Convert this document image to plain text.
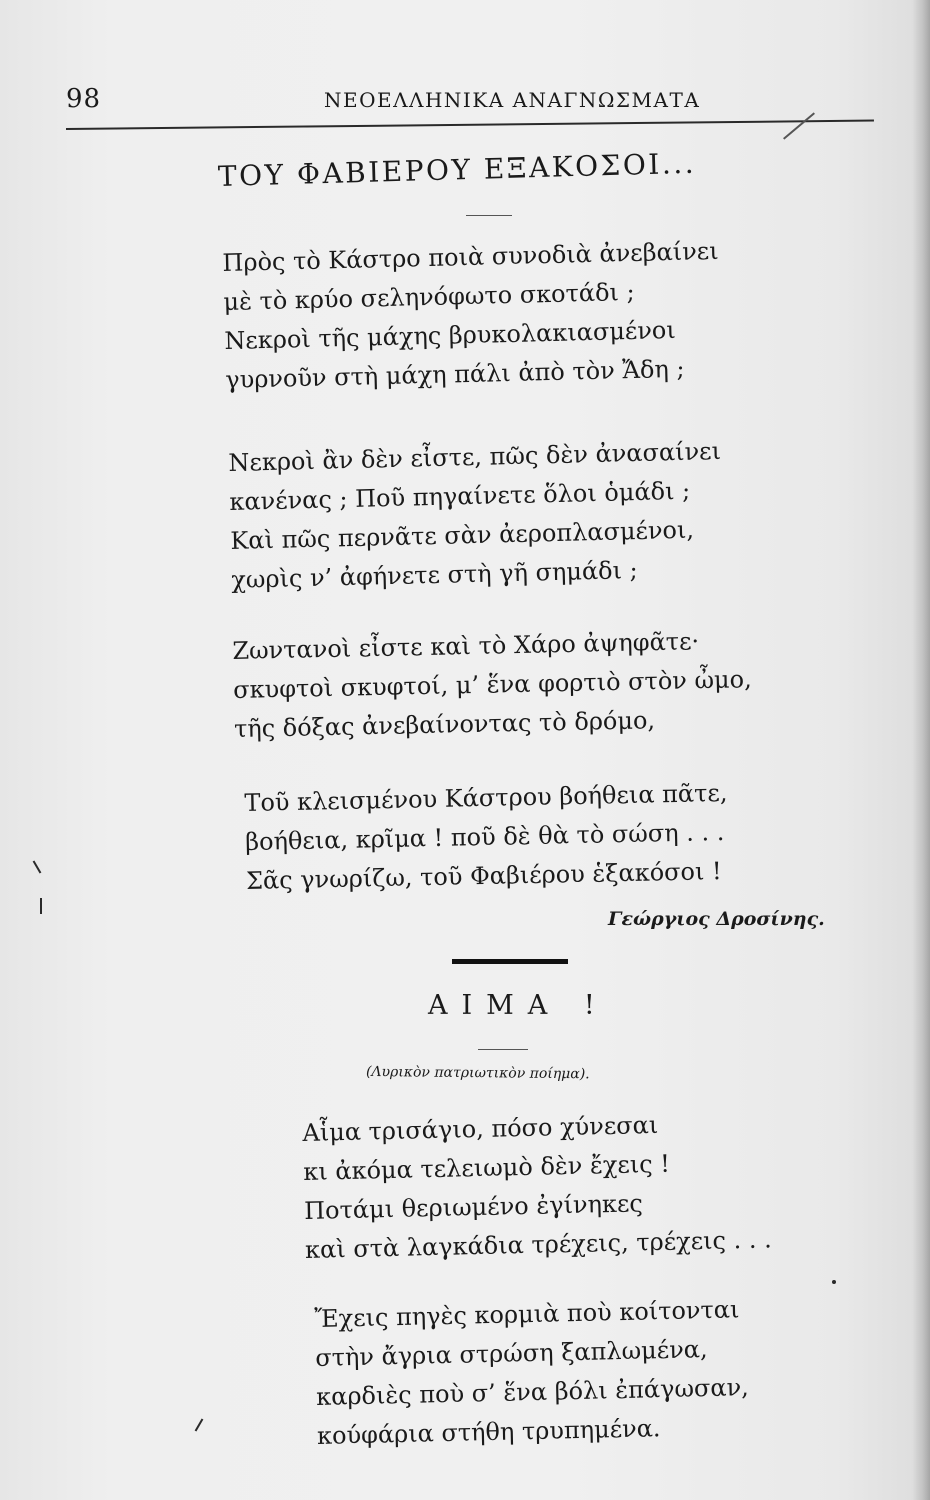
98	ΝΕΟΕΛΛΗΝΙΚΑ ΑΝΑΓΝΩΣΜΑΤΑ
ΤΟΥ ΦΑΒΙΕΡΟΥ ΕΞΑΚΟΣΟΙ...
Πρὸς τὸ Κάστρο ποιὰ συνοδιὰ ἀνεβαίνει
μὲ τὸ κρύο σεληνόφωτο σκοτάδι ;
Νεκροὶ τῆς μάχης βρυκολακιασμένοι
γυρνοῦν στὴ μάχη πάλι ἀπὸ τὸν Ἄδη ;
Νεκροὶ ἂν δὲν εἶστε, πῶς δὲν ἀνασαίνει
κανένας ; Ποῦ πηγαίνετε ὅλοι ὁμάδι ;
Καὶ πῶς περνᾶτε σὰν ἀεροπλασμένοι,
χωρὶς ν’ ἀφήνετε στὴ γῆ σημάδι ;
Ζωντανοὶ εἶστε καὶ τὸ Χάρο ἀψηφᾶτε·
σκυφτοὶ σκυφτοί, μ’ ἕνα φορτιὸ στὸν ὦμο,
τῆς δόξας ἀνεβαίνοντας τὸ δρόμο,
Τοῦ κλεισμένου Κάστρου βοήθεια πᾶτε,
βοήθεια, κρῖμα ! ποῦ δὲ θὰ τὸ σώση . . .
Σᾶς γνωρίζω, τοῦ Φαβιέρου ἑξακόσοι !
Γεώργιος Δροσίνης.
ΑΙΜΑ !
(Λυρικὸν πατριωτικὸν ποίημα).
Αἷμα τρισάγιο, πόσο χύνεσαι
κι ἀκόμα τελειωμὸ δὲν ἔχεις !
Ποτάμι θεριωμένο ἐγίνηκες
καὶ στὰ λαγκάδια τρέχεις, τρέχεις . . .
Ἔχεις πηγὲς κορμιὰ ποὺ κοίτονται
στὴν ἄγρια στρώση ξαπλωμένα,
καρδιὲς ποὺ σ’ ἕνα βόλι ἐπάγωσαν,
κούφάρια στήθη τρυπημένα.
